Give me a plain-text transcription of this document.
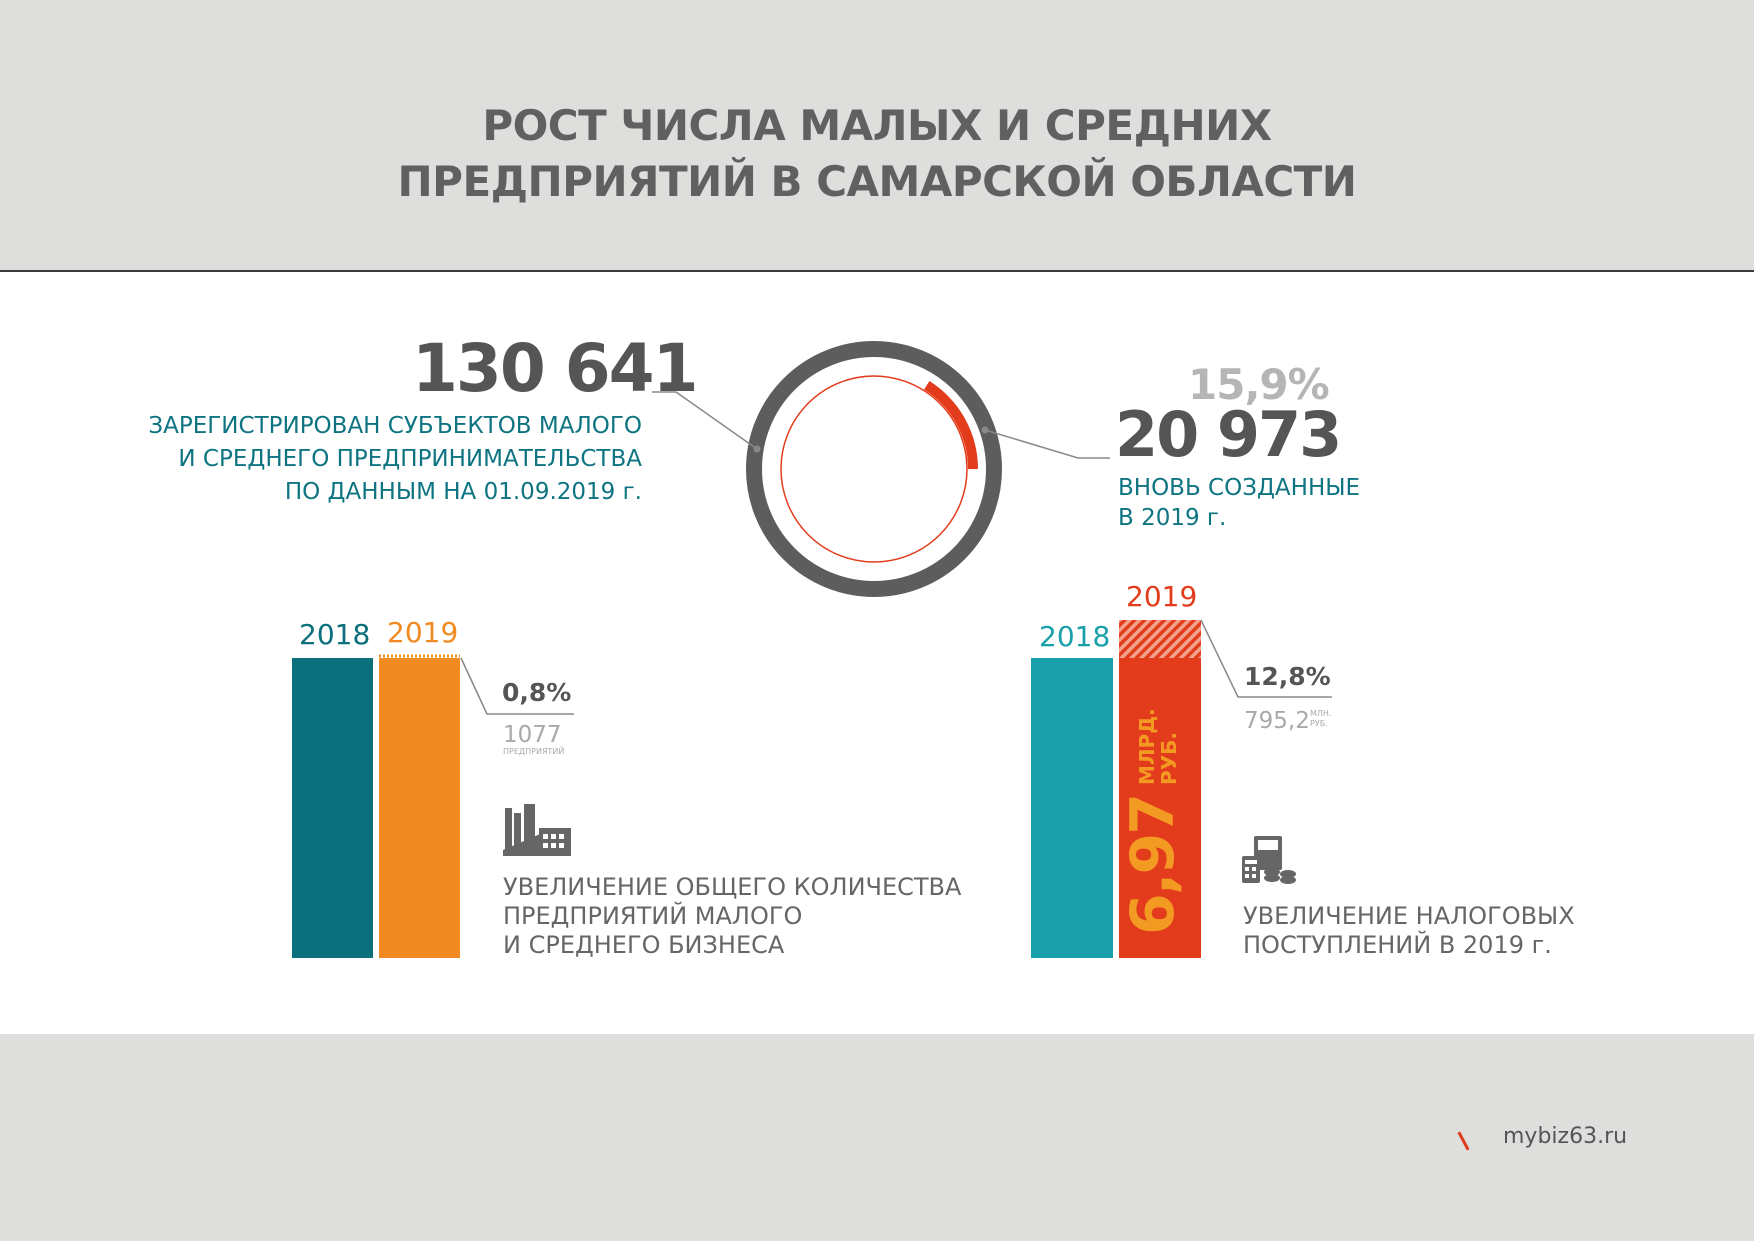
РОСТ ЧИСЛА МАЛЫХ И СРЕДНИХ
ПРЕДПРИЯТИЙ В САМАРСКОЙ ОБЛАСТИ
130 641
ЗАРЕГИСТРИРОВАН СУБЪЕКТОВ МАЛОГО
И СРЕДНЕГО ПРЕДПРИНИМАТЕЛЬСТВА
ПО ДАННЫМ НА 01.09.2019 г.
15,9%
20 973
ВНОВЬ СОЗДАННЫЕ
В 2019 г.
2018 2019
0,8%
1077
ПРЕДПРИЯТИЙ
УВЕЛИЧЕНИЕ ОБЩЕГО КОЛИЧЕСТВА
ПРЕДПРИЯТИЙ МАЛОГО
И СРЕДНЕГО БИЗНЕСА
2018
2019
6,97МЛРД.
РУБ.
12,8%
795,2 МЛН.
РУБ.
УВЕЛИЧЕНИЕ НАЛОГОВЫХ
ПОСТУПЛЕНИЙ В 2019 г.
mybiz63.ru
